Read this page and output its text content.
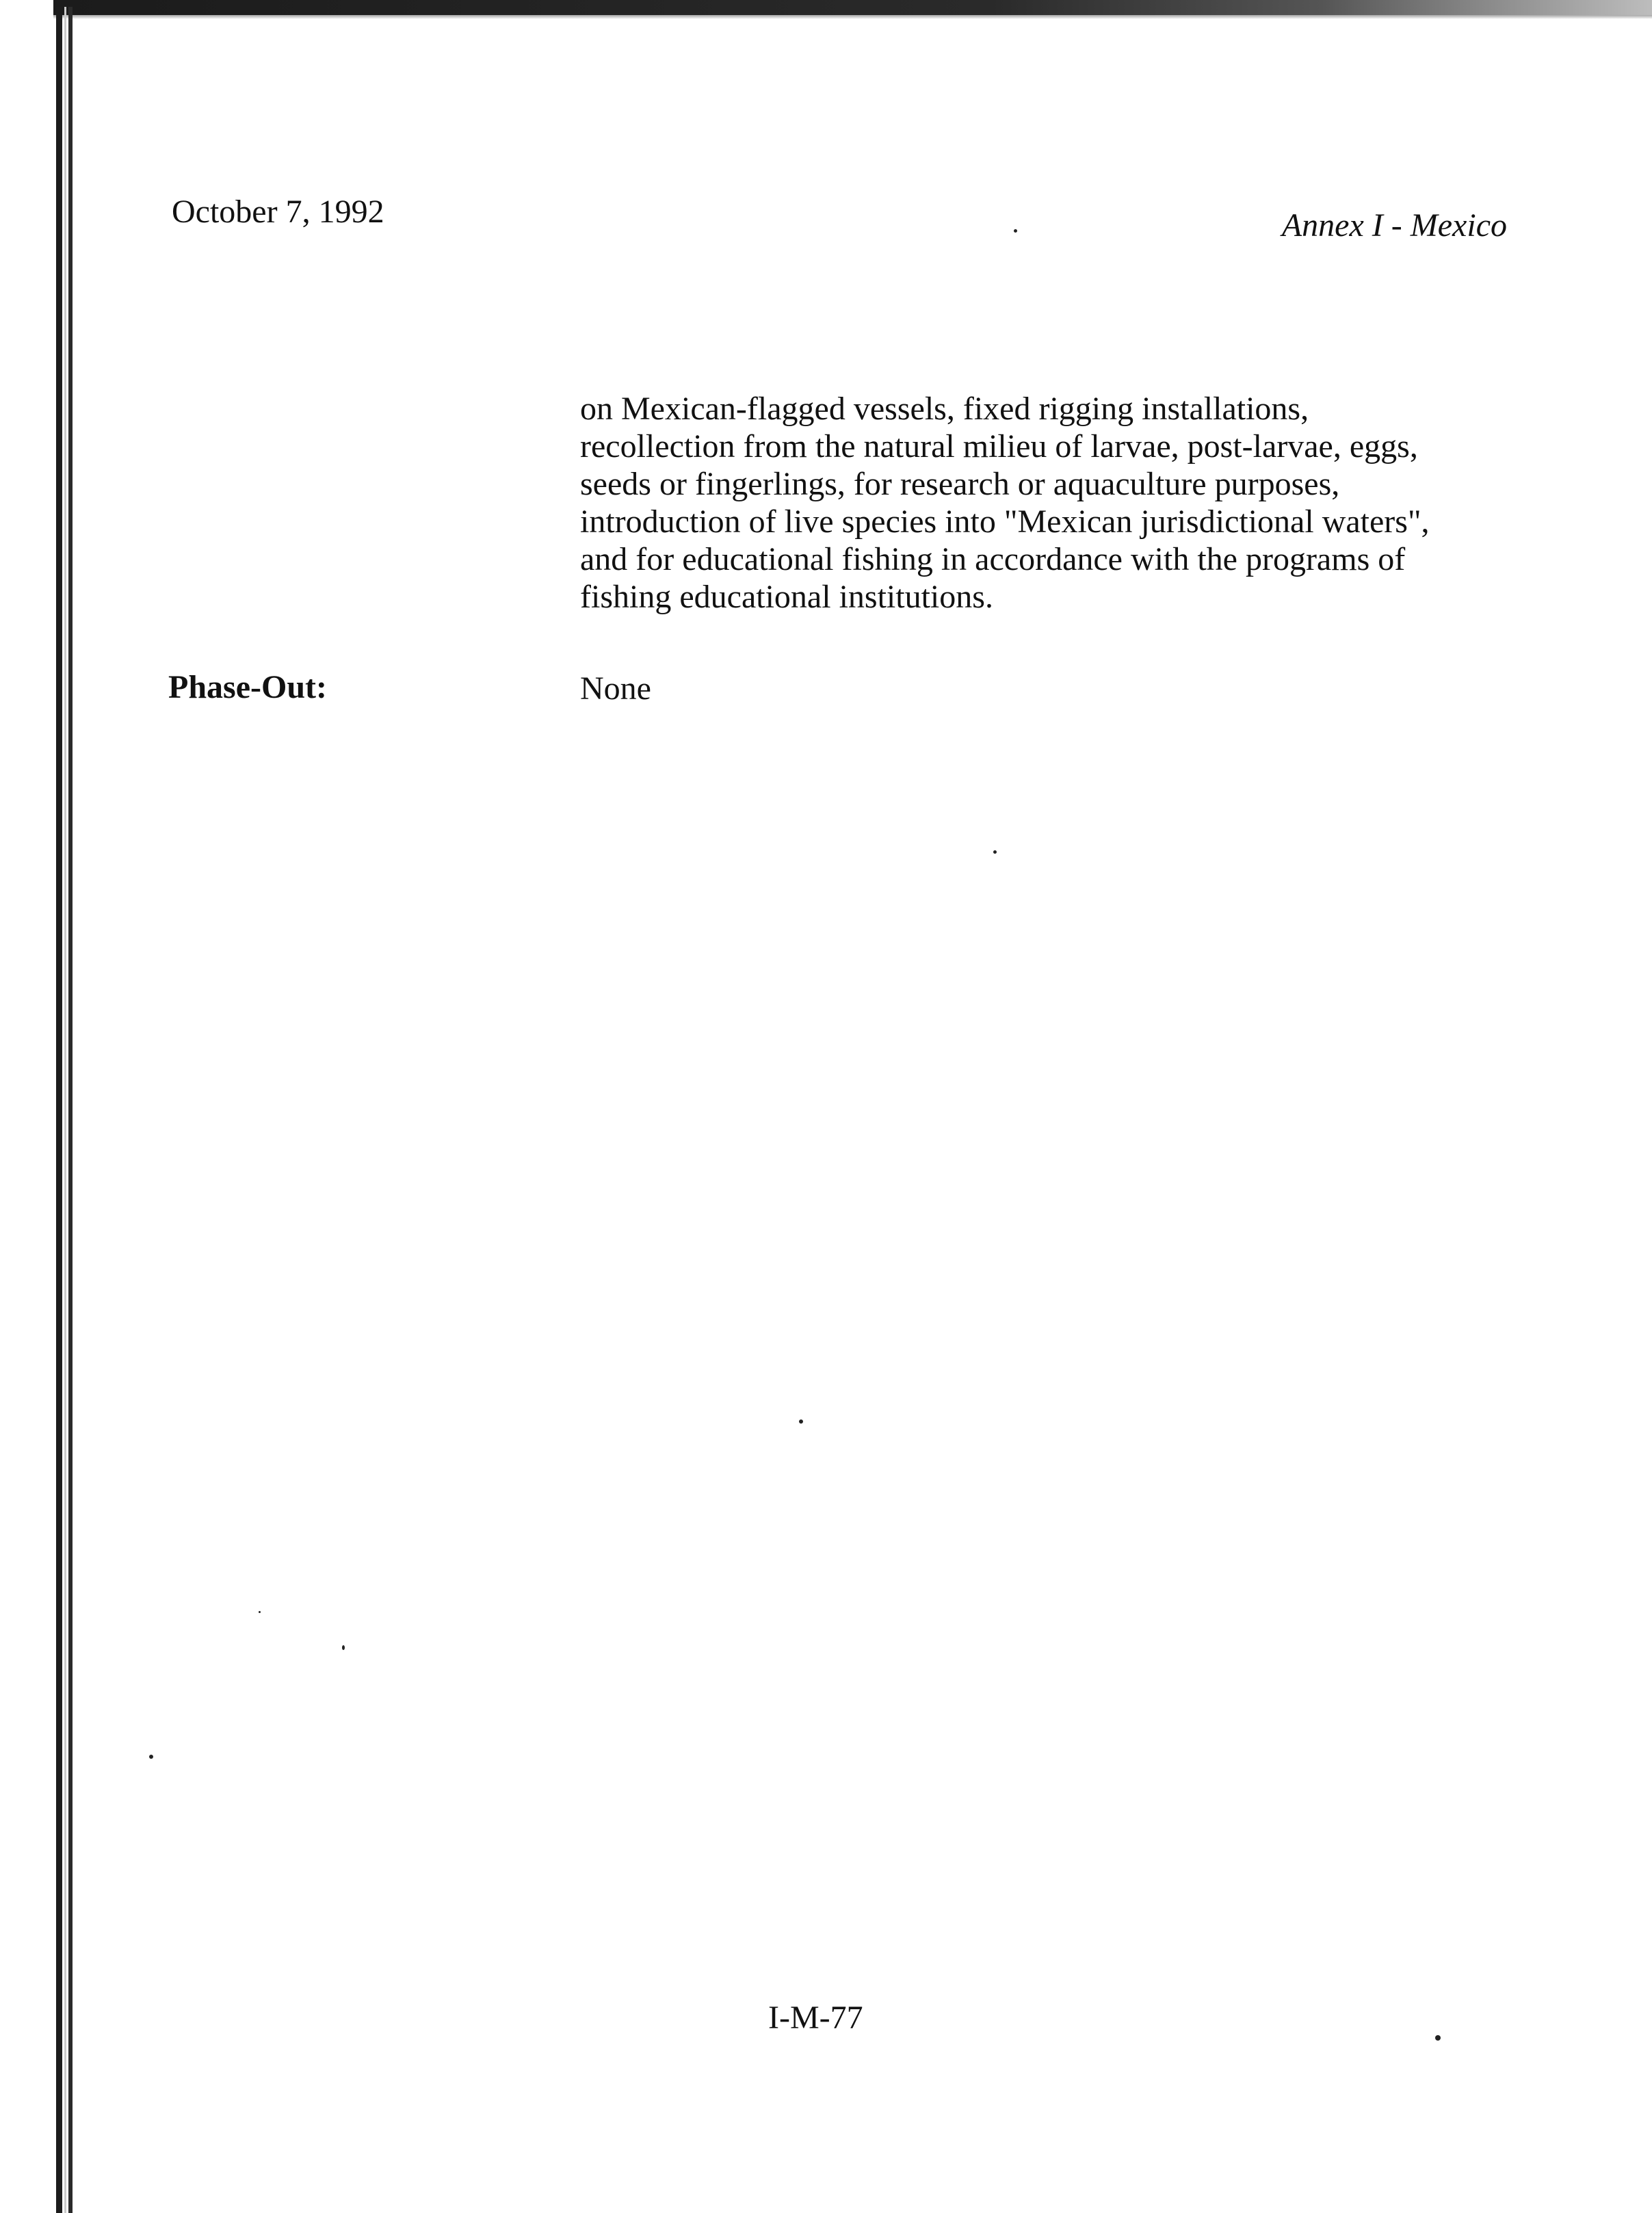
October 7, 1992	Annex I - Mexico
on Mexican-flagged vessels, fixed rigging installations,
recollection from the natural milieu of larvae, post-larvae, eggs,
seeds or fingerlings, for research or aquaculture purposes,
introduction of live species into "Mexican jurisdictional waters",
and for educational fishing in accordance with the programs of
fishing educational institutions.
Phase-Out:	None
I-M-77
